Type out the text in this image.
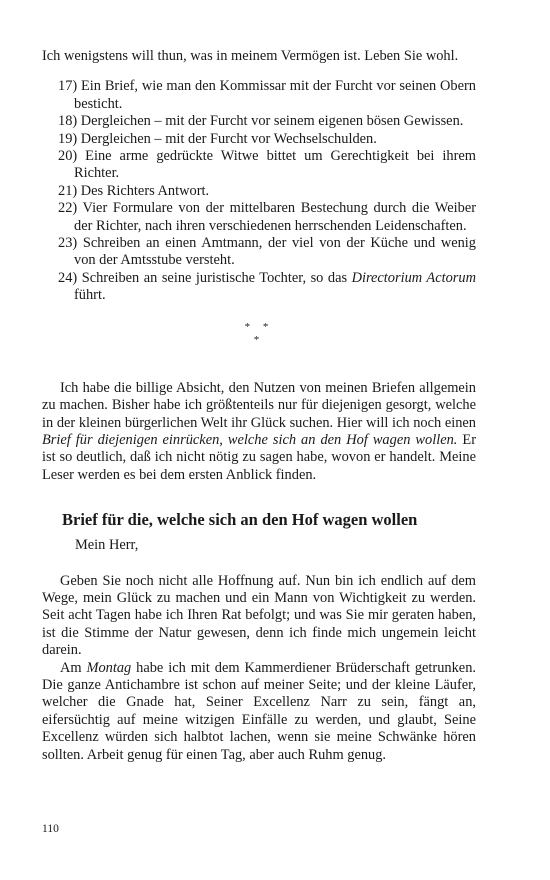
Ich wenigstens will thun, was in meinem Vermögen ist. Leben Sie wohl.

17) Ein Brief, wie man den Kommissar mit der Furcht vor seinen Obern besticht.
18) Dergleichen – mit der Furcht vor seinem eigenen bösen Gewissen.
19) Dergleichen – mit der Furcht vor Wechselschulden.
20) Eine arme gedrückte Witwe bittet um Gerechtigkeit bei ihrem Richter.
21) Des Richters Antwort.
22) Vier Formulare von der mittelbaren Bestechung durch die Weiber der Richter, nach ihren verschiedenen herrschenden Leidenschaften.
23) Schreiben an einen Amtmann, der viel von der Küche und wenig von der Amtsstube versteht.
24) Schreiben an seine juristische Tochter, so das Directorium Actorum führt.
* *
*

Ich habe die billige Absicht, den Nutzen von meinen Briefen allgemein zu machen. Bisher habe ich größtenteils nur für diejenigen gesorgt, welche in der kleinen bürgerlichen Welt ihr Glück suchen. Hier will ich noch einen Brief für diejenigen einrücken, welche sich an den Hof wagen wollen. Er ist so deutlich, daß ich nicht nötig zu sagen habe, wovon er handelt. Meine Leser werden es bei dem ersten Anblick finden.

Brief für die, welche sich an den Hof wagen wollen

Mein Herr,

Geben Sie noch nicht alle Hoffnung auf. Nun bin ich endlich auf dem Wege, mein Glück zu machen und ein Mann von Wichtigkeit zu werden. Seit acht Tagen habe ich Ihren Rat befolgt; und was Sie mir geraten haben, ist die Stimme der Natur gewesen, denn ich finde mich ungemein leicht darein.

Am Montag habe ich mit dem Kammerdiener Brüderschaft getrunken. Die ganze Antichambre ist schon auf meiner Seite; und der kleine Läufer, welcher die Gnade hat, Seiner Excellenz Narr zu sein, fängt an, eifersüchtig auf meine witzigen Einfälle zu werden, und glaubt, Seine Excellenz würden sich halbtot lachen, wenn sie meine Schwänke hören sollten. Arbeit genug für einen Tag, aber auch Ruhm genug.

110
